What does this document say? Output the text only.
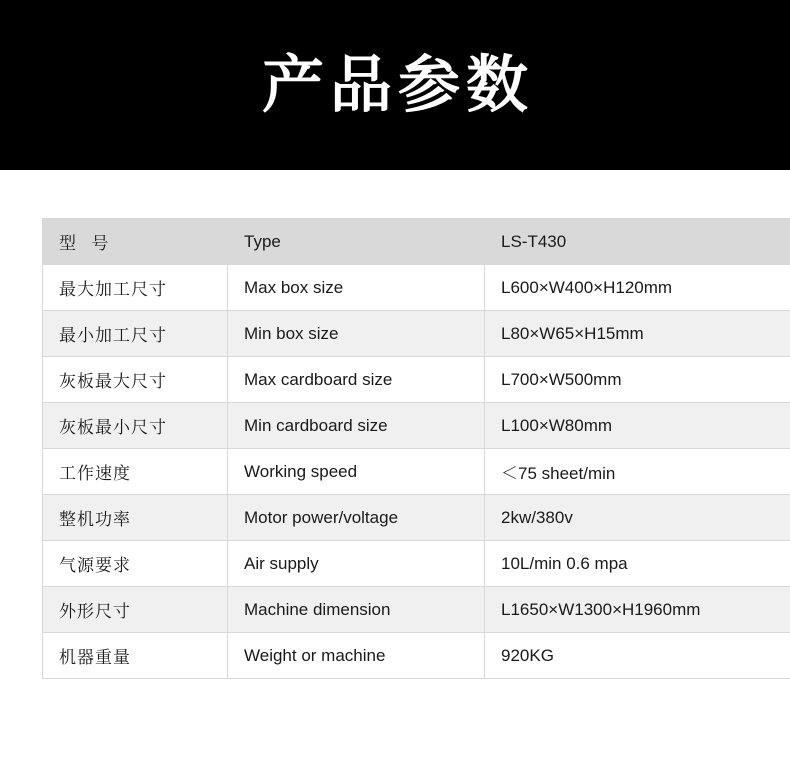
产品参数
型 号	Type	LS-T430
最大加工尺寸	Max box size	L600×W400×H120mm
最小加工尺寸	Min box size	L80×W65×H15mm
灰板最大尺寸	Max cardboard size	L700×W500mm
灰板最小尺寸	Min cardboard size	L100×W80mm
工作速度	Working speed	＜75 sheet/min
整机功率	Motor power/voltage	2kw/380v
气源要求	Air supply	10L/min 0.6 mpa
外形尺寸	Machine dimension	L1650×W1300×H1960mm
机器重量	Weight or machine	920KG
